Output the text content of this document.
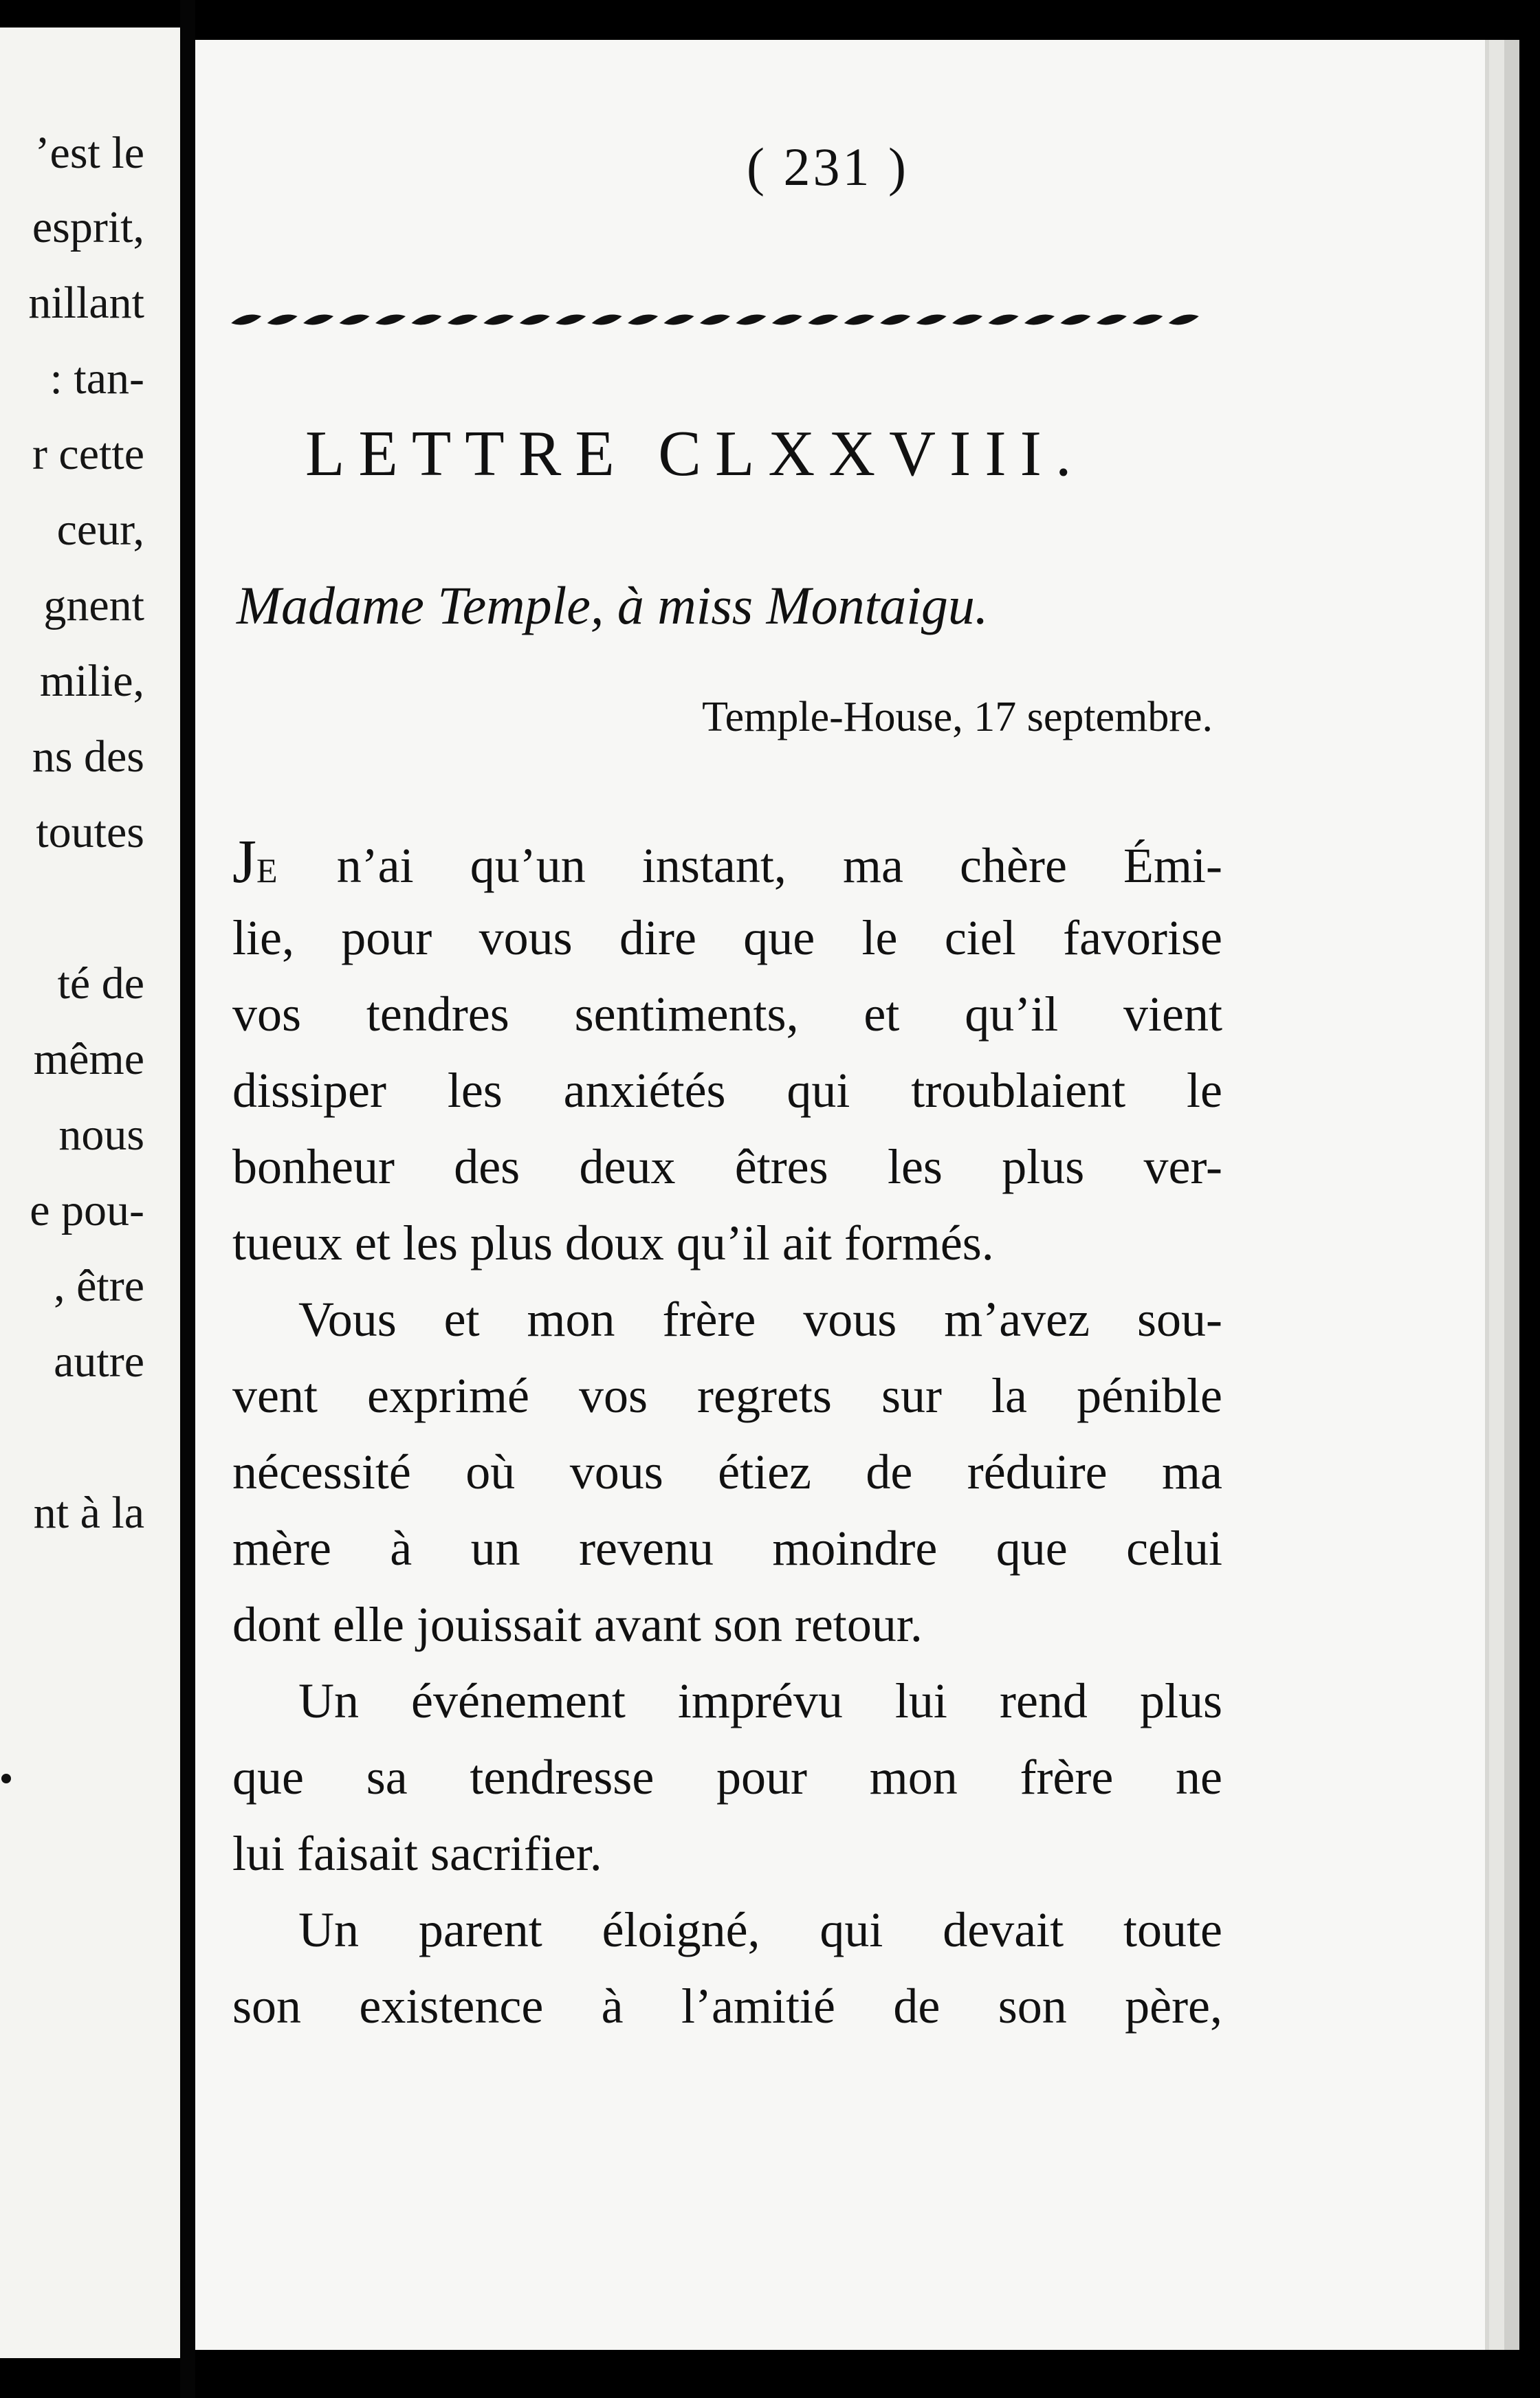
’est le
esprit,
nillant
: tan-
r cette
ceur,
gnent
milie,
ns des
toutes
té de
même
nous
e pou-
, être
autre
nt à la
( 231 )
LETTRE CLXXVIII.
Madame Temple, à miss Montaigu.
Temple-House, 17 septembre.
JE n’ai qu’un instant, ma chère Émi-
lie, pour vous dire que le ciel favorise
vos tendres sentiments, et qu’il vient
dissiper les anxiétés qui troublaient le
bonheur des deux êtres les plus ver-
tueux et les plus doux qu’il ait formés.
Vous et mon frère vous m’avez sou-
vent exprimé vos regrets sur la pénible
nécessité où vous étiez de réduire ma
mère à un revenu moindre que celui
dont elle jouissait avant son retour.
Un événement imprévu lui rend plus
que sa tendresse pour mon frère ne
lui faisait sacrifier.
Un parent éloigné, qui devait toute
son existence à l’amitié de son père,
